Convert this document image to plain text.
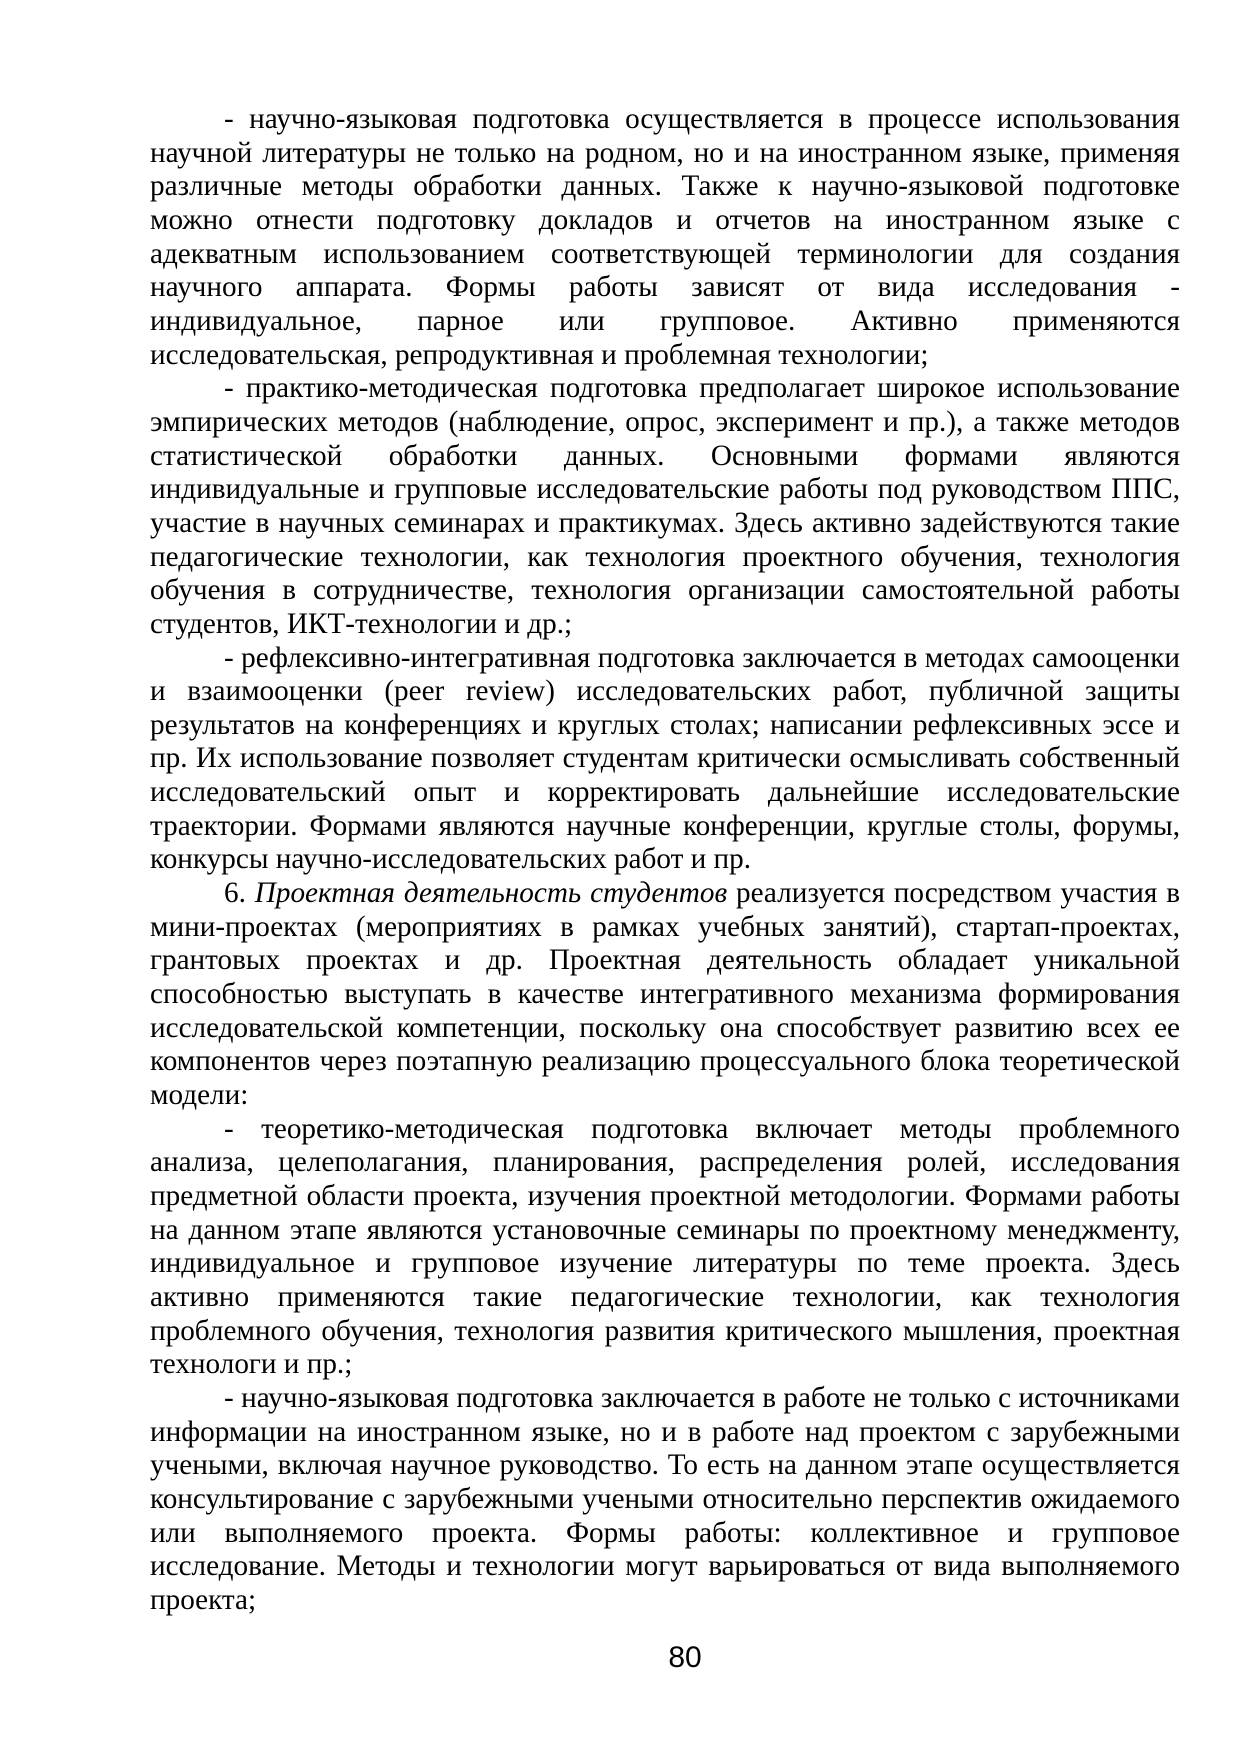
- научно-языковая подготовка осуществляется в процессе использования научной литературы не только на родном, но и на иностранном языке, применяя различные методы обработки данных. Также к научно-языковой подготовке можно отнести подготовку докладов и отчетов на иностранном языке с адекватным использованием соответствующей терминологии для создания научного аппарата. Формы работы зависят от вида исследования - индивидуальное, парное или групповое. Активно применяются исследовательская, репродуктивная и проблемная технологии;

- практико-методическая подготовка предполагает широкое использование эмпирических методов (наблюдение, опрос, эксперимент и пр.), а также методов статистической обработки данных. Основными формами являются индивидуальные и групповые исследовательские работы под руководством ППС, участие в научных семинарах и практикумах. Здесь активно задействуются такие педагогические технологии, как технология проектного обучения, технология обучения в сотрудничестве, технология организации самостоятельной работы студентов, ИКТ-технологии и др.;

- рефлексивно-интегративная подготовка заключается в методах самооценки и взаимооценки (peer review) исследовательских работ, публичной защиты результатов на конференциях и круглых столах; написании рефлексивных эссе и пр. Их использование позволяет студентам критически осмысливать собственный исследовательский опыт и корректировать дальнейшие исследовательские траектории. Формами являются научные конференции, круглые столы, форумы, конкурсы научно-исследовательских работ и пр.

6. Проектная деятельность студентов реализуется посредством участия в мини-проектах (мероприятиях в рамках учебных занятий), стартап-проектах, грантовых проектах и др. Проектная деятельность обладает уникальной способностью выступать в качестве интегративного механизма формирования исследовательской компетенции, поскольку она способствует развитию всех ее компонентов через поэтапную реализацию процессуального блока теоретической модели:

- теоретико-методическая подготовка включает методы проблемного анализа, целеполагания, планирования, распределения ролей, исследования предметной области проекта, изучения проектной методологии. Формами работы на данном этапе являются установочные семинары по проектному менеджменту, индивидуальное и групповое изучение литературы по теме проекта. Здесь активно применяются такие педагогические технологии, как технология проблемного обучения, технология развития критического мышления, проектная технологи и пр.;

- научно-языковая подготовка заключается в работе не только с источниками информации на иностранном языке, но и в работе над проектом с зарубежными учеными, включая научное руководство. То есть на данном этапе осуществляется консультирование с зарубежными учеными относительно перспектив ожидаемого или выполняемого проекта. Формы работы: коллективное и групповое исследование. Методы и технологии могут варьироваться от вида выполняемого проекта;

80
